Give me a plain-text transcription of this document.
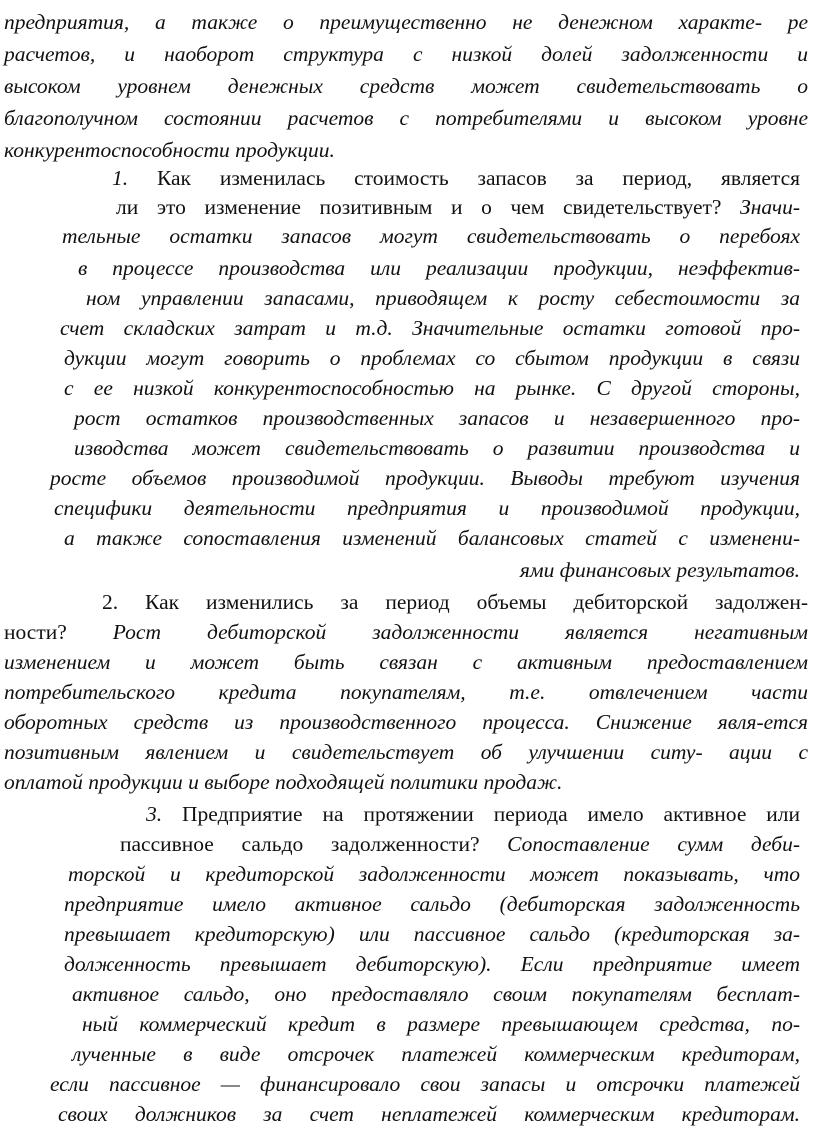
предприятия, а также о преимущественно не денежном характе- ре
расчетов, и наоборот структура с низкой долей задолженности и
высоком уровнем денежных средств может свидетельствовать о
благополучном состоянии расчетов с потребителями и высоком уровне
конкурентоспособности продукции.
1. Как изменилась стоимость запасов за период, является
ли это изменение позитивным и о чем свидетельствует? Значи-
тельные остатки запасов могут свидетельствовать о перебоях
в процессе производства или реализации продукции, неэффектив-
ном управлении запасами, приводящем к росту себестоимости за
счет складских затрат и т.д. Значительные остатки готовой про-
дукции могут говорить о проблемах со сбытом продукции в связи
с ее низкой конкурентоспособностью на рынке. С другой стороны,
рост остатков производственных запасов и незавершенного про-
изводства может свидетельствовать о развитии производства и
росте объемов производимой продукции. Выводы требуют изучения
специфики деятельности предприятия и производимой продукции,
а также сопоставления изменений балансовых статей с изменени-
ями финансовых результатов.
2. Как изменились за период объемы дебиторской задолжен-
ности? Рост дебиторской задолженности является негативным
изменением и может быть связан с активным предоставлением
потребительского кредита покупателям, т.е. отвлечением части
оборотных средств из производственного процесса. Снижение явля-ется
позитивным явлением и свидетельствует об улучшении ситу- ации с
оплатой продукции и выборе подходящей политики продаж.
3. Предприятие на протяжении периода имело активное или
пассивное сальдо задолженности? Сопоставление сумм деби-
торской и кредиторской задолженности может показывать, что
предприятие имело активное сальдо (дебиторская задолженность
превышает кредиторскую) или пассивное сальдо (кредиторская за-
долженность превышает дебиторскую). Если предприятие имеет
активное сальдо, оно предоставляло своим покупателям бесплат-
ный коммерческий кредит в размере превышающем средства, по-
лученные в виде отсрочек платежей коммерческим кредиторам,
если пассивное — финансировало свои запасы и отсрочки платежей
своих должников за счет неплатежей коммерческим кредиторам.
